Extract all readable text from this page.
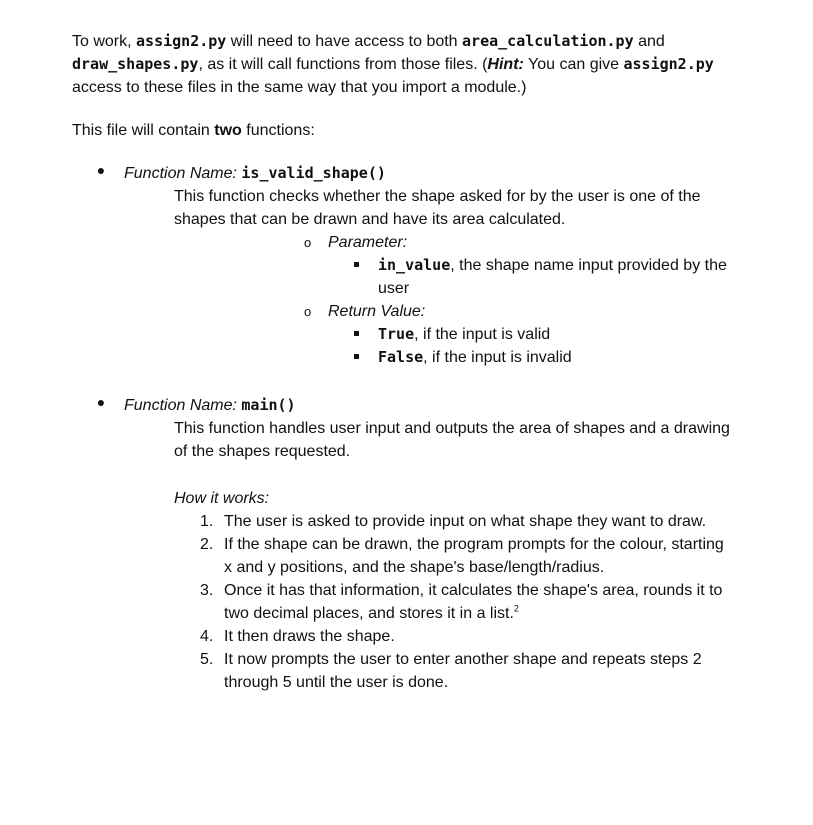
To work, assign2.py will need to have access to both area_calculation.py and draw_shapes.py, as it will call functions from those files. (Hint: You can give assign2.py access to these files in the same way that you import a module.)

This file will contain two functions:

●	Function Name: is_valid_shape()
This function checks whether the shape asked for by the user is one of the shapes that can be drawn and have its area calculated.
o Parameter:
in_value, the shape name input provided by the user
o Return Value:
True, if the input is valid
False, if the input is invalid
●	Function Name: main()
This function handles user input and outputs the area of shapes and a drawing of the shapes requested.
How it works:
1. The user is asked to provide input on what shape they want to draw.
2. If the shape can be drawn, the program prompts for the colour, starting x and y positions, and the shape's base/length/radius.
3. Once it has that information, it calculates the shape's area, rounds it to two decimal places, and stores it in a list.$^2$
4. It then draws the shape.
5. It now prompts the user to enter another shape and repeats steps 2 through 5 until the user is done.
